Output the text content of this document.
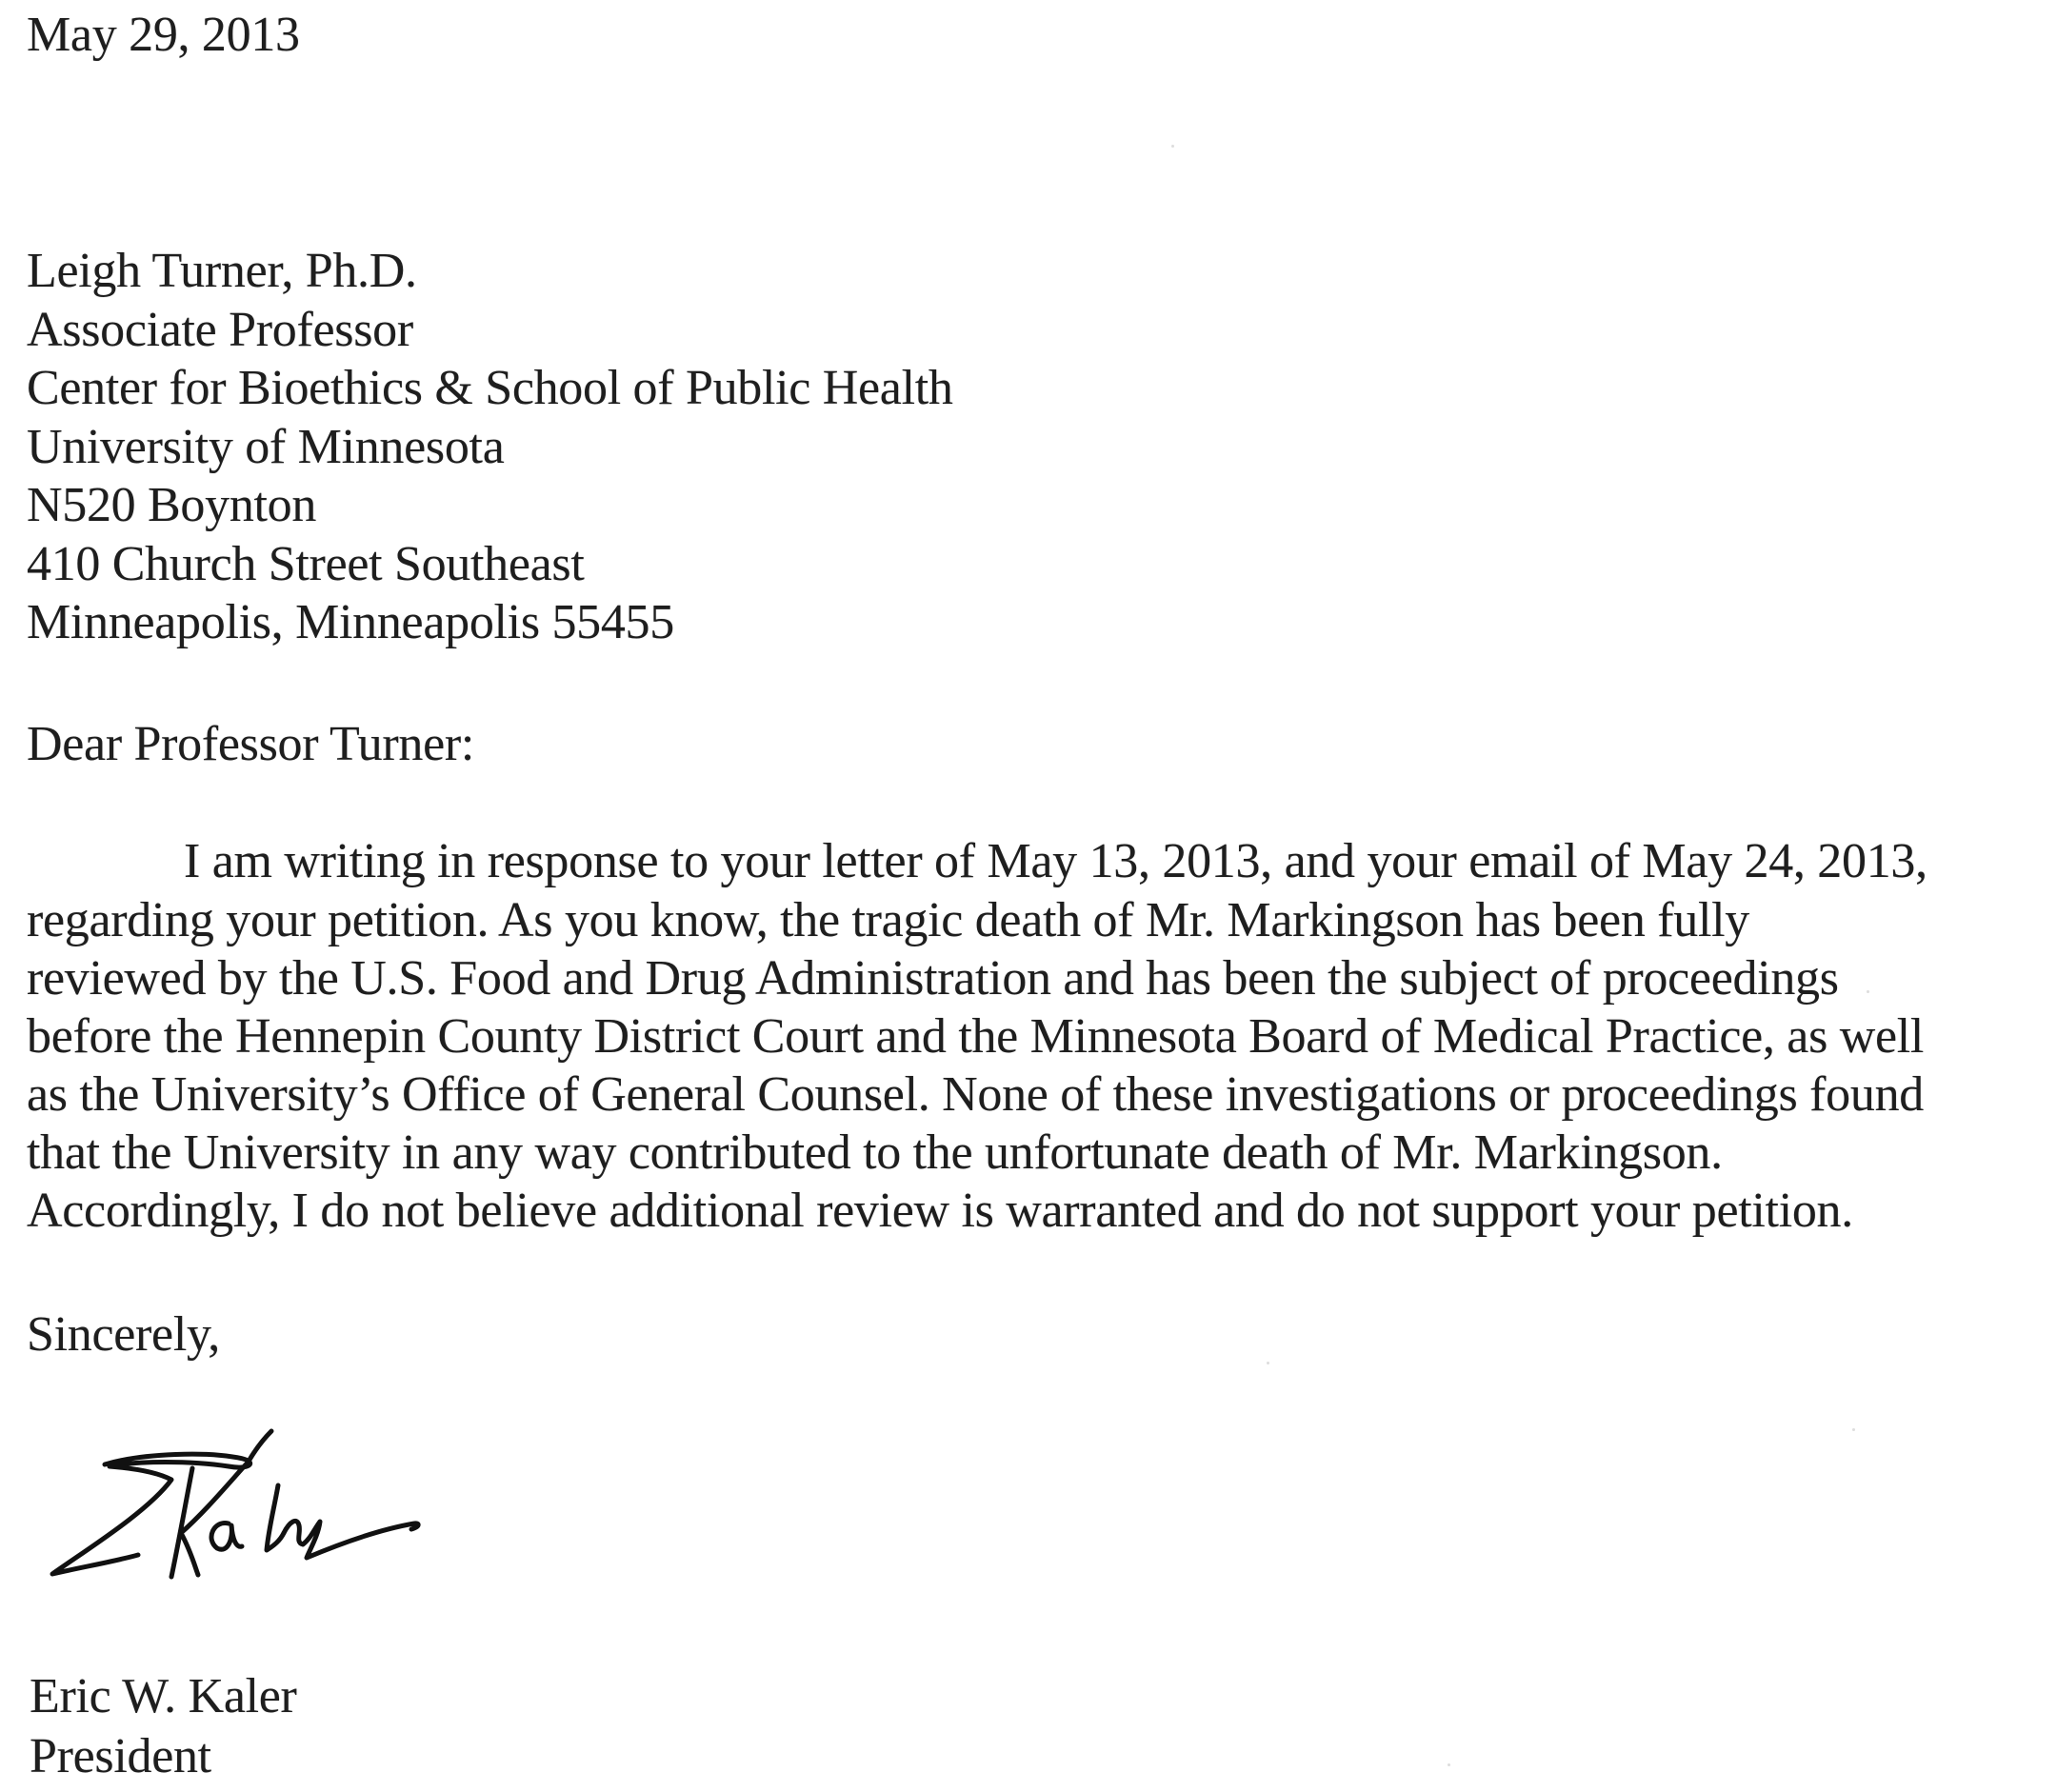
May 29, 2013
Leigh Turner, Ph.D.
Associate Professor
Center for Bioethics & School of Public Health
University of Minnesota
N520 Boynton
410 Church Street Southeast
Minneapolis, Minneapolis 55455
Dear Professor Turner:
I am writing in response to your letter of May 13, 2013, and your email of May 24, 2013,
regarding your petition. As you know, the tragic death of Mr. Markingson has been fully
reviewed by the U.S. Food and Drug Administration and has been the subject of proceedings
before the Hennepin County District Court and the Minnesota Board of Medical Practice, as well
as the University’s Office of General Counsel. None of these investigations or proceedings found
that the University in any way contributed to the unfortunate death of Mr. Markingson.
Accordingly, I do not believe additional review is warranted and do not support your petition.
Sincerely,
Eric W. Kaler
President
